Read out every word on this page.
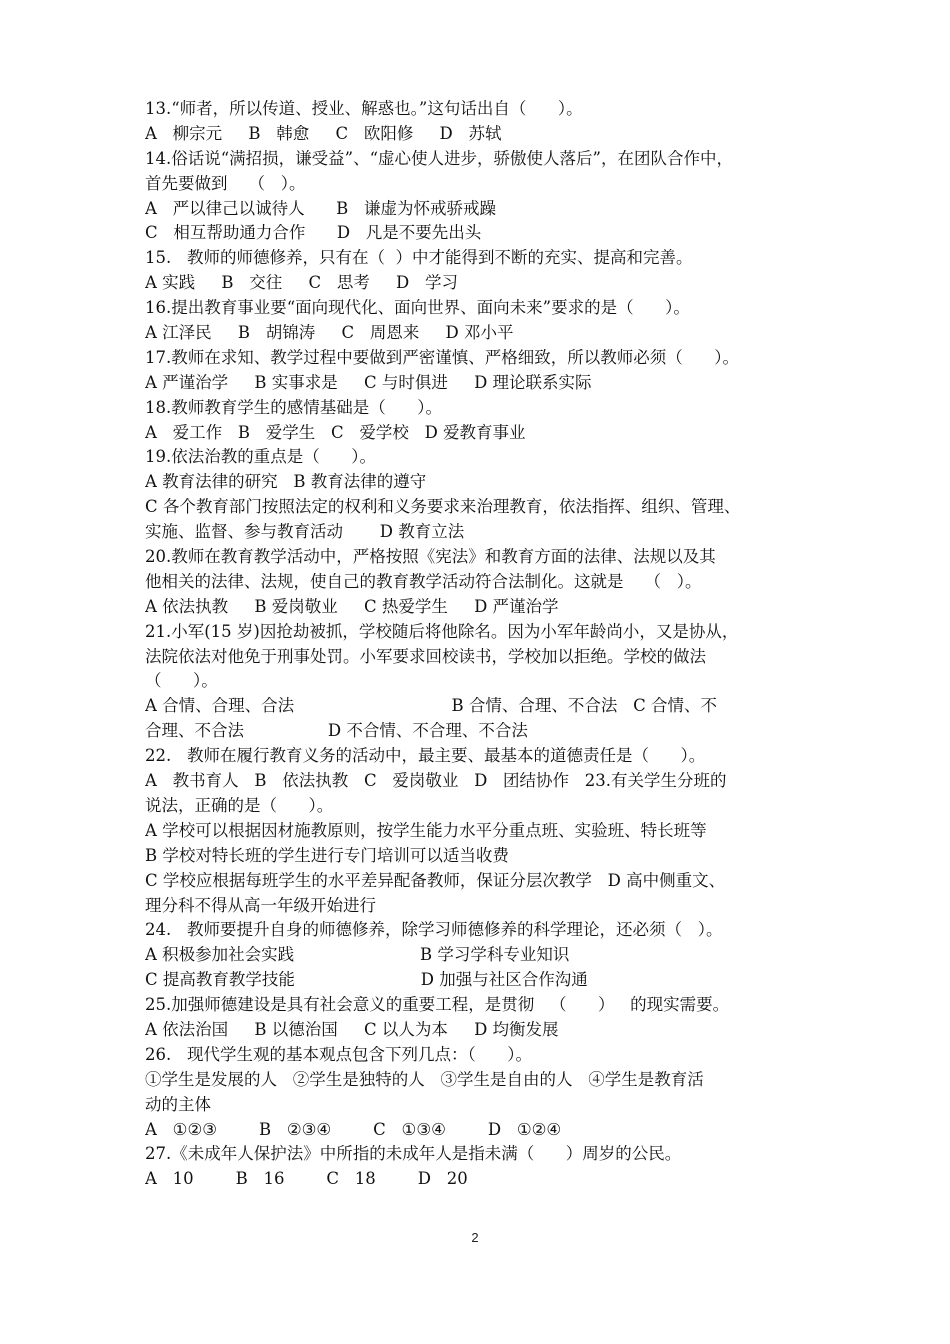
13.“师者，所以传道、授业、解惑也。”这句话出自（      ）。
A   柳宗元     B   韩愈     C   欧阳修     D   苏轼
14.俗话说“满招损，谦受益”、“虚心使人进步，骄傲使人落后”，在团队合作中，
首先要做到    （   ）。
A   严以律己以诚待人      B   谦虚为怀戒骄戒躁
C   相互帮助通力合作      D   凡是不要先出头
15.   教师的师德修养，只有在（  ）中才能得到不断的充实、提高和完善。
A 实践     B   交往     C   思考     D   学习
16.提出教育事业要“面向现代化、面向世界、面向未来”要求的是（      ）。
A 江泽民     B   胡锦涛     C   周恩来     D 邓小平
17.教师在求知、教学过程中要做到严密谨慎、严格细致，所以教师必须（      ）。
A 严谨治学     B 实事求是     C 与时俱进     D 理论联系实际
18.教师教育学生的感情基础是（      ）。
A   爱工作   B   爱学生   C   爱学校   D 爱教育事业
19.依法治教的重点是（      ）。
A 教育法律的研究   B 教育法律的遵守
C 各个教育部门按照法定的权利和义务要求来治理教育，依法指挥、组织、管理、
实施、监督、参与教育活动       D 教育立法
20.教师在教育教学活动中，严格按照《宪法》和教育方面的法律、法规以及其
他相关的法律、法规，使自己的教育教学活动符合法制化。这就是    （   ）。
A 依法执教     B 爱岗敬业     C 热爱学生     D 严谨治学
21.小军(15 岁)因抢劫被抓，学校随后将他除名。因为小军年龄尚小，又是协从，
法院依法对他免于刑事处罚。小军要求回校读书，学校加以拒绝。学校的做法
（      ）。
A 合情、合理、合法                              B 合情、合理、不合法   C 合情、不
合理、不合法                D 不合情、不合理、不合法
22.   教师在履行教育义务的活动中，最主要、最基本的道德责任是（      ）。
A   教书育人   B   依法执教   C   爱岗敬业   D   团结协作   23.有关学生分班的
说法，正确的是（      ）。
A 学校可以根据因材施教原则，按学生能力水平分重点班、实验班、特长班等
B 学校对特长班的学生进行专门培训可以适当收费
C 学校应根据每班学生的水平差异配备教师，保证分层次教学   D 高中侧重文、
理分科不得从高一年级开始进行
24.   教师要提升自身的师德修养，除学习师德修养的科学理论，还必须（   ）。
A 积极参加社会实践                        B 学习学科专业知识
C 提高教育教学技能                        D 加强与社区合作沟通
25.加强师德建设是具有社会意义的重要工程，是贯彻   （      ）   的现实需要。
A 依法治国     B 以德治国     C 以人为本     D 均衡发展
26.   现代学生观的基本观点包含下列几点：（      ）。
①学生是发展的人   ②学生是独特的人   ③学生是自由的人   ④学生是教育活
动的主体
A   ①②③        B   ②③④        C   ①③④        D   ①②④
27.《未成年人保护法》中所指的未成年人是指未满（      ）周岁的公民。
A   10        B   16        C   18        D   20
2
